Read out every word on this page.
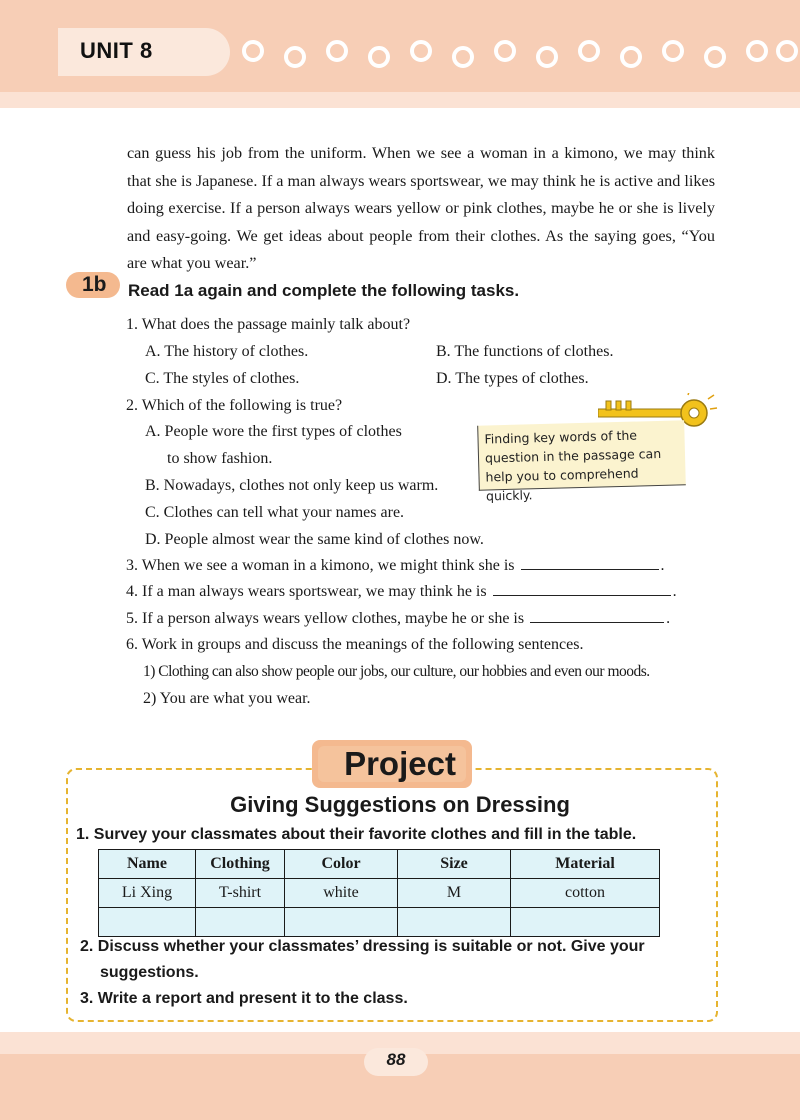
UNIT 8
can guess his job from the uniform. When we see a woman in a kimono, we may think that she is Japanese. If a man always wears sportswear, we may think he is active and likes doing exercise. If a person always wears yellow or pink clothes, maybe he or she is lively and easy-going. We get ideas about people from their clothes. As the saying goes, “You are what you wear.”
1b Read 1a again and complete the following tasks.
1. What does the passage mainly talk about?
A. The history of clothes.	B. The functions of clothes.
C. The styles of clothes.	D. The types of clothes.
2. Which of the following is true?
A. People wore the first types of clothes
to show fashion.
B. Nowadays, clothes not only keep us warm.
C. Clothes can tell what your names are.
D. People almost wear the same kind of clothes now.
Finding key words of the question in the passage can help you to comprehend quickly.
3. When we see a woman in a kimono, we might think she is	.
4. If a man always wears sportswear, we may think he is	.
5. If a person always wears yellow clothes, maybe he or she is	.
6. Work in groups and discuss the meanings of the following sentences.
1) Clothing can also show people our jobs, our culture, our hobbies and even our moods.
2) You are what you wear.
Project
Giving Suggestions on Dressing
1. Survey your classmates about their favorite clothes and fill in the table.
Name	Clothing	Color	Size	Material
Li Xing	T-shirt	white	M	cotton

2. Discuss whether your classmates’ dressing is suitable or not. Give your
suggestions.
3. Write a report and present it to the class.
88
